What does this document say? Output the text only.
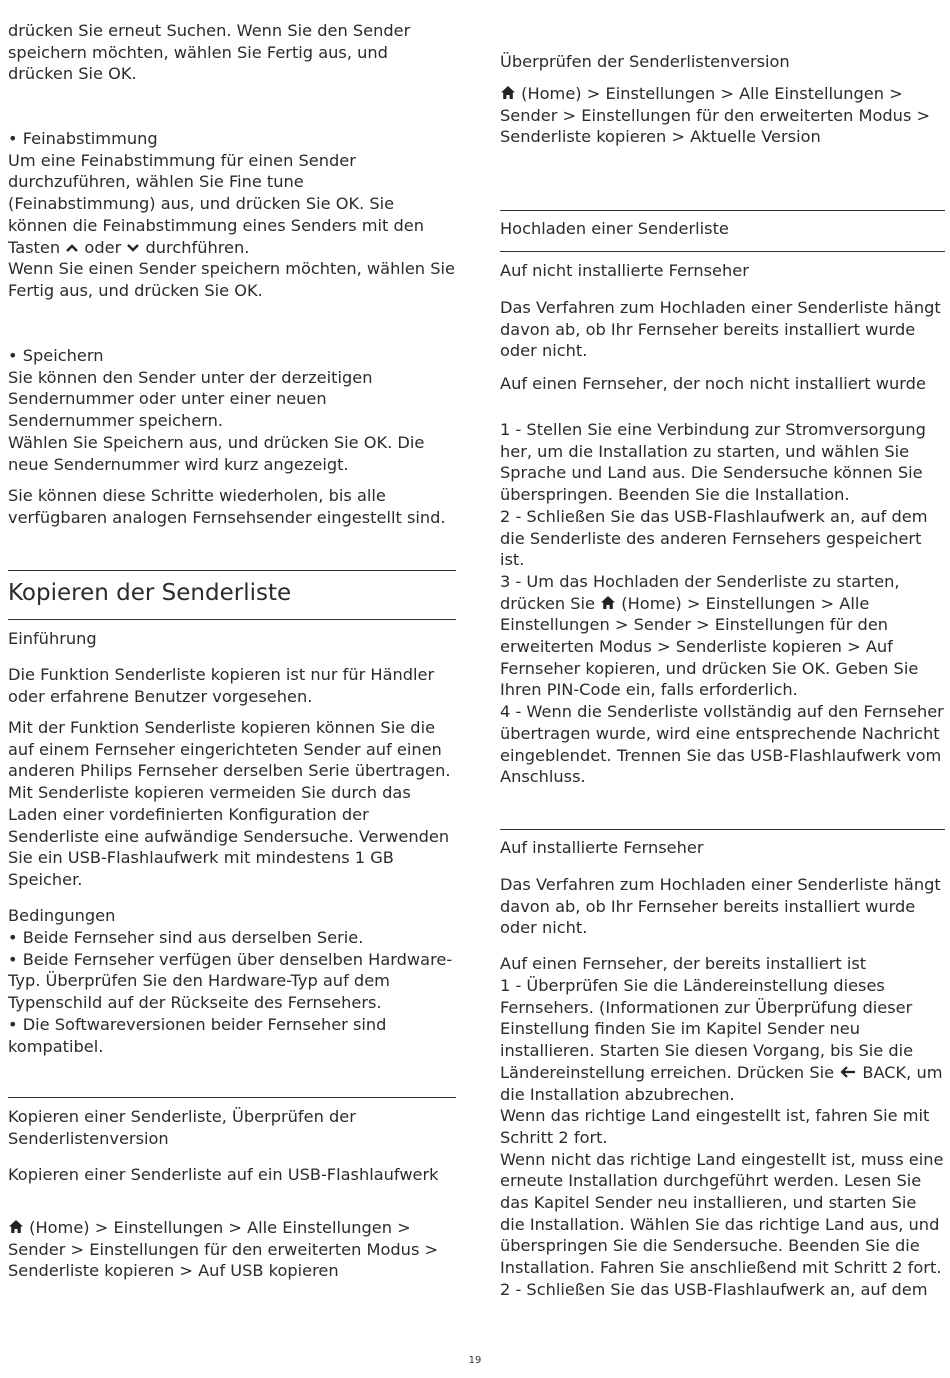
drücken Sie erneut Suchen. Wenn Sie den Sender speichern möchten, wählen Sie Fertig aus, und drücken Sie OK.

• Feinabstimmung
Um eine Feinabstimmung für einen Sender durchzuführen, wählen Sie Fine tune (Feinabstimmung) aus, und drücken Sie OK. Sie können die Feinabstimmung eines Senders mit den Tasten
oder
durchführen.
Wenn Sie einen Sender speichern möchten, wählen Sie Fertig aus, und drücken Sie OK.

• Speichern
Sie können den Sender unter der derzeitigen Sendernummer oder unter einer neuen Sendernummer speichern.
Wählen Sie Speichern aus, und drücken Sie OK. Die neue Sendernummer wird kurz angezeigt.

Sie können diese Schritte wiederholen, bis alle verfügbaren analogen Fernsehsender eingestellt sind.

Kopieren der Senderliste
Einführung

Die Funktion Senderliste kopieren ist nur für Händler oder erfahrene Benutzer vorgesehen.

Mit der Funktion Senderliste kopieren können Sie die auf einem Fernseher eingerichteten Sender auf einen anderen Philips Fernseher derselben Serie übertragen. Mit Senderliste kopieren vermeiden Sie durch das Laden einer vordefinierten Konfiguration der Senderliste eine aufwändige Sendersuche. Verwenden Sie ein USB-Flashlaufwerk mit mindestens 1 GB Speicher.

Bedingungen
• Beide Fernseher sind aus derselben Serie.
• Beide Fernseher verfügen über denselben Hardware-Typ. Überprüfen Sie den Hardware-Typ auf dem Typenschild auf der Rückseite des Fernsehers.
• Die Softwareversionen beider Fernseher sind kompatibel.
Kopieren einer Senderliste, Überprüfen der Senderlistenversion
Kopieren einer Senderliste auf ein USB-Flashlaufwerk

(Home) > Einstellungen > Alle Einstellungen > Sender > Einstellungen für den erweiterten Modus > Senderliste kopieren > Auf USB kopieren

Überprüfen der Senderlistenversion

(Home) > Einstellungen > Alle Einstellungen > Sender > Einstellungen für den erweiterten Modus > Senderliste kopieren > Aktuelle Version

Hochladen einer Senderliste
Auf nicht installierte Fernseher

Das Verfahren zum Hochladen einer Senderliste hängt davon ab, ob Ihr Fernseher bereits installiert wurde oder nicht.

Auf einen Fernseher, der noch nicht installiert wurde

1 - Stellen Sie eine Verbindung zur Stromversorgung her, um die Installation zu starten, und wählen Sie Sprache und Land aus. Die Sendersuche können Sie überspringen. Beenden Sie die Installation.
2 - Schließen Sie das USB-Flashlaufwerk an, auf dem die Senderliste des anderen Fernsehers gespeichert ist.
3 - Um das Hochladen der Senderliste zu starten, drücken Sie
(Home) > Einstellungen > Alle Einstellungen > Sender > Einstellungen für den erweiterten Modus > Senderliste kopieren > Auf Fernseher kopieren, und drücken Sie OK. Geben Sie Ihren PIN-Code ein, falls erforderlich.
4 - Wenn die Senderliste vollständig auf den Fernseher übertragen wurde, wird eine entsprechende Nachricht eingeblendet. Trennen Sie das USB-Flashlaufwerk vom Anschluss.

Auf installierte Fernseher

Das Verfahren zum Hochladen einer Senderliste hängt davon ab, ob Ihr Fernseher bereits installiert wurde oder nicht.

Auf einen Fernseher, der bereits installiert ist

1 - Überprüfen Sie die Ländereinstellung dieses Fernsehers. (Informationen zur Überprüfung dieser Einstellung finden Sie im Kapitel Sender neu installieren. Starten Sie diesen Vorgang, bis Sie die Ländereinstellung erreichen. Drücken Sie
BACK, um die Installation abzubrechen.
Wenn das richtige Land eingestellt ist, fahren Sie mit Schritt 2 fort.
Wenn nicht das richtige Land eingestellt ist, muss eine erneute Installation durchgeführt werden. Lesen Sie das Kapitel Sender neu installieren, und starten Sie die Installation. Wählen Sie das richtige Land aus, und überspringen Sie die Sendersuche. Beenden Sie die Installation. Fahren Sie anschließend mit Schritt 2 fort.
2 - Schließen Sie das USB-Flashlaufwerk an, auf dem

19
